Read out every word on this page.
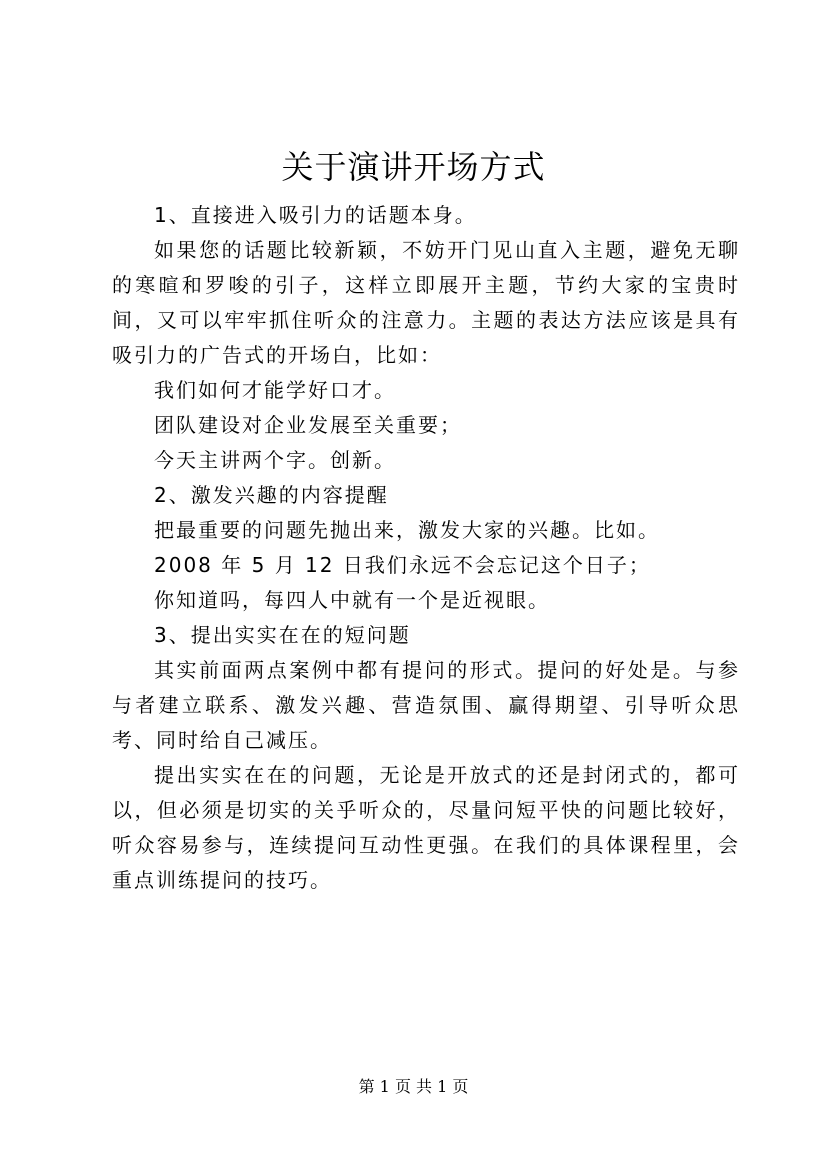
关于演讲开场方式

1、直接进入吸引力的话题本身。

如果您的话题比较新颖，不妨开门见山直入主题，避免无聊的寒暄和罗唆的引子，这样立即展开主题，节约大家的宝贵时间，又可以牢牢抓住听众的注意力。主题的表达方法应该是具有吸引力的广告式的开场白，比如：

我们如何才能学好口才。

团队建设对企业发展至关重要；

今天主讲两个字。创新。

2、激发兴趣的内容提醒

把最重要的问题先抛出来，激发大家的兴趣。比如。

2008 年 5 月 12 日我们永远不会忘记这个日子；

你知道吗，每四人中就有一个是近视眼。

3、提出实实在在的短问题

其实前面两点案例中都有提问的形式。提问的好处是。与参与者建立联系、激发兴趣、营造氛围、赢得期望、引导听众思考、同时给自己减压。

提出实实在在的问题，无论是开放式的还是封闭式的，都可以，但必须是切实的关乎听众的，尽量问短平快的问题比较好，听众容易参与，连续提问互动性更强。在我们的具体课程里，会重点训练提问的技巧。

第 1 页 共 1 页
